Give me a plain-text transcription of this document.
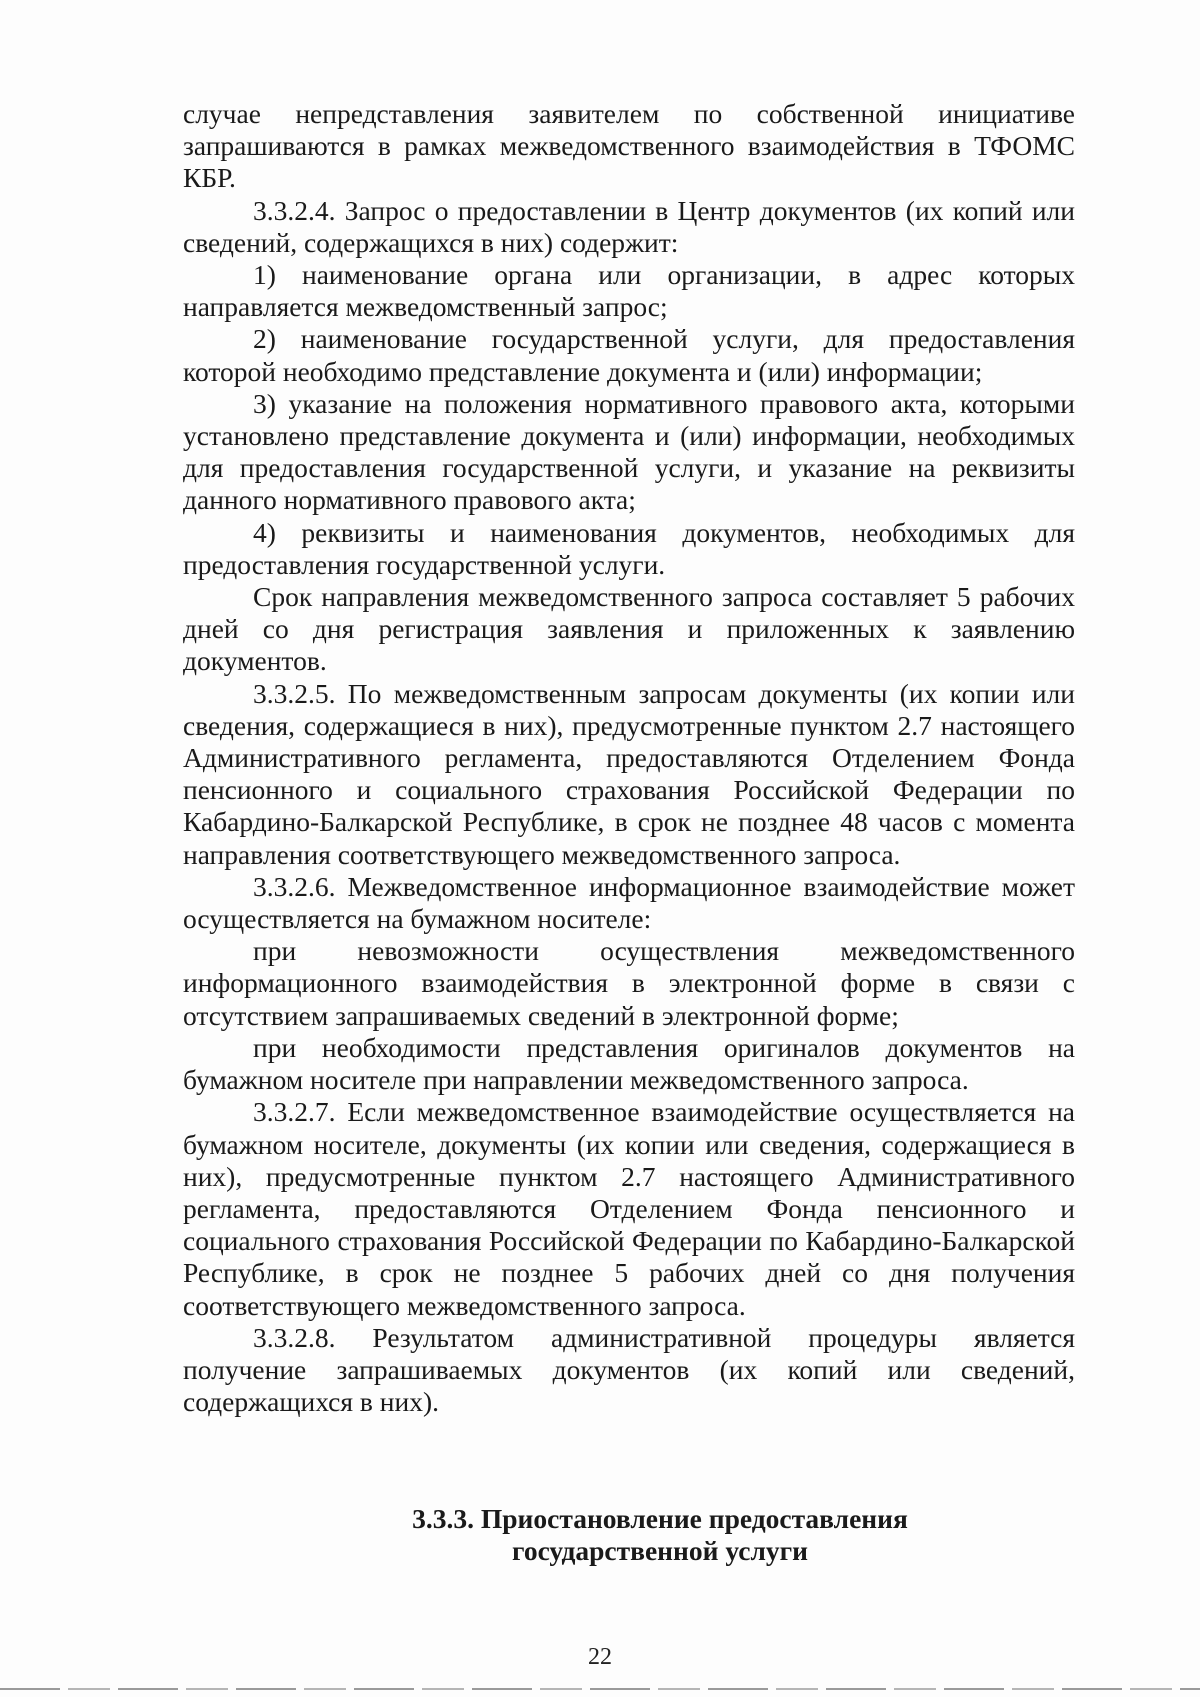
случае непредставления заявителем по собственной инициативе запрашиваются в рамках межведомственного взаимодействия в ТФОМС КБР.

3.3.2.4. Запрос о предоставлении в Центр документов (их копий или сведений, содержащихся в них) содержит:

1) наименование органа или организации, в адрес которых направляется межведомственный запрос;

2) наименование государственной услуги, для предоставления которой необходимо представление документа и (или) информации;

3) указание на положения нормативного правового акта, которыми установлено представление документа и (или) информации, необходимых для предоставления государственной услуги, и указание на реквизиты данного нормативного правового акта;

4) реквизиты и наименования документов, необходимых для предоставления государственной услуги.

Срок направления межведомственного запроса составляет 5 рабочих дней со дня регистрация заявления и приложенных к заявлению документов.

3.3.2.5. По межведомственным запросам документы (их копии или сведения, содержащиеся в них), предусмотренные пунктом 2.7 настоящего Административного регламента, предоставляются Отделением Фонда пенсионного и социального страхования Российской Федерации по Кабардино-Балкарской Республике, в срок не позднее 48 часов с момента направления соответствующего межведомственного запроса.

3.3.2.6. Межведомственное информационное взаимодействие может осуществляется на бумажном носителе:

при невозможности осуществления межведомственного информационного взаимодействия в электронной форме в связи с отсутствием запрашиваемых сведений в электронной форме;

при необходимости представления оригиналов документов на бумажном носителе при направлении межведомственного запроса.

3.3.2.7. Если межведомственное взаимодействие осуществляется на бумажном носителе, документы (их копии или сведения, содержащиеся в них), предусмотренные пунктом 2.7 настоящего Административного регламента, предоставляются Отделением Фонда пенсионного и социального страхования Российской Федерации по Кабардино-Балкарской Республике, в срок не позднее 5 рабочих дней со дня получения соответствующего межведомственного запроса.

3.3.2.8. Результатом административной процедуры является получение запрашиваемых документов (их копий или сведений, содержащихся в них).

3.3.3. Приостановление предоставления
государственной услуги
22
